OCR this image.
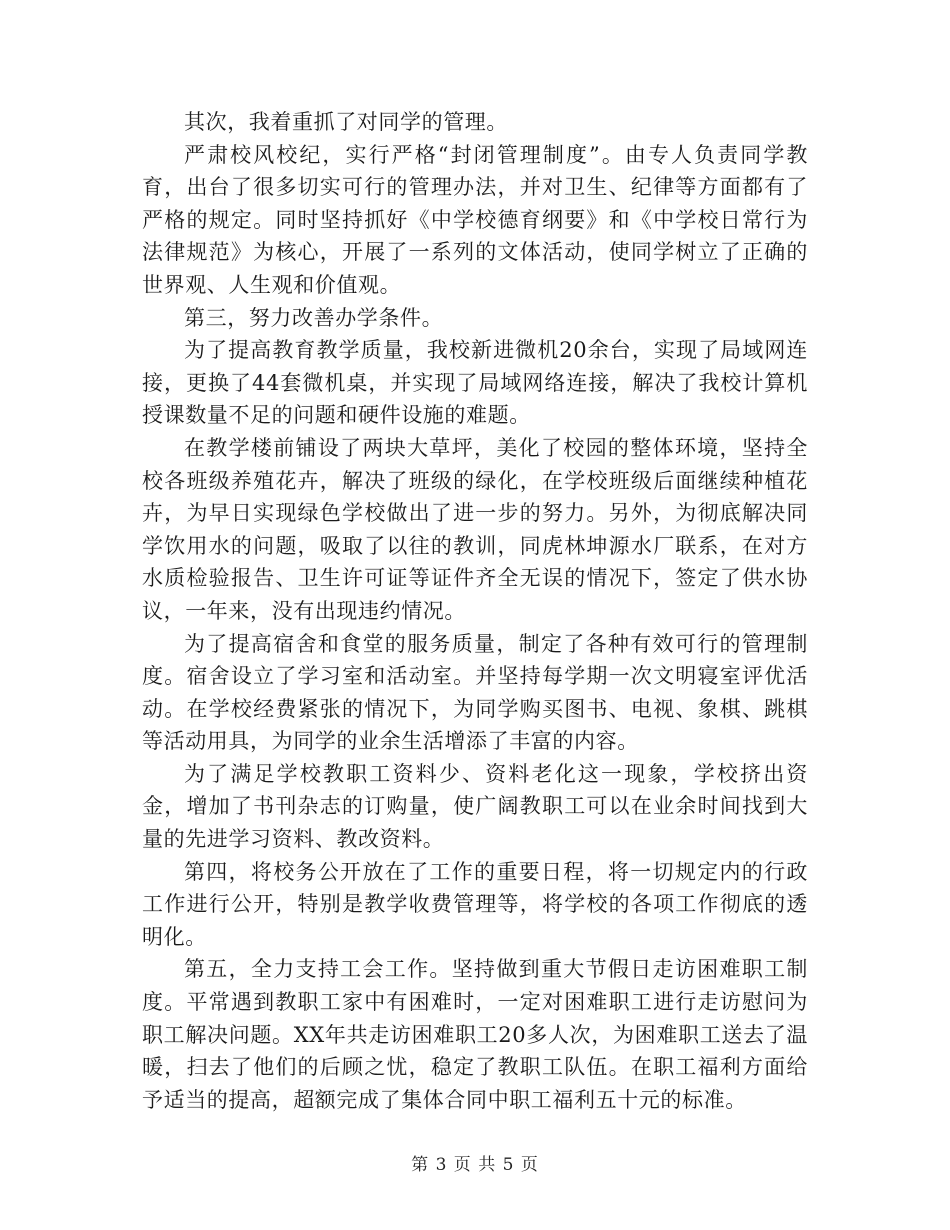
其次，我着重抓了对同学的管理。

严肃校风校纪，实行严格“封闭管理制度”。由专人负责同学教育，出台了很多切实可行的管理办法，并对卫生、纪律等方面都有了严格的规定。同时坚持抓好《中学校德育纲要》和《中学校日常行为法律规范》为核心，开展了一系列的文体活动，使同学树立了正确的世界观、人生观和价值观。

第三，努力改善办学条件。

为了提高教育教学质量，我校新进微机20余台，实现了局域网连接，更换了44套微机桌，并实现了局域网络连接，解决了我校计算机授课数量不足的问题和硬件设施的难题。

在教学楼前铺设了两块大草坪，美化了校园的整体环境，坚持全校各班级养殖花卉，解决了班级的绿化，在学校班级后面继续种植花卉，为早日实现绿色学校做出了进一步的努力。另外，为彻底解决同学饮用水的问题，吸取了以往的教训，同虎林坤源水厂联系，在对方水质检验报告、卫生许可证等证件齐全无误的情况下，签定了供水协议，一年来，没有出现违约情况。

为了提高宿舍和食堂的服务质量，制定了各种有效可行的管理制度。宿舍设立了学习室和活动室。并坚持每学期一次文明寝室评优活动。在学校经费紧张的情况下，为同学购买图书、电视、象棋、跳棋等活动用具，为同学的业余生活增添了丰富的内容。

为了满足学校教职工资料少、资料老化这一现象，学校挤出资金，增加了书刊杂志的订购量，使广阔教职工可以在业余时间找到大量的先进学习资料、教改资料。

第四，将校务公开放在了工作的重要日程，将一切规定内的行政工作进行公开，特别是教学收费管理等，将学校的各项工作彻底的透明化。

第五，全力支持工会工作。坚持做到重大节假日走访困难职工制度。平常遇到教职工家中有困难时，一定对困难职工进行走访慰问为职工解决问题。XX年共走访困难职工20多人次，为困难职工送去了温暖，扫去了他们的后顾之忧，稳定了教职工队伍。在职工福利方面给予适当的提高，超额完成了集体合同中职工福利五十元的标准。

第 3 页 共 5 页
